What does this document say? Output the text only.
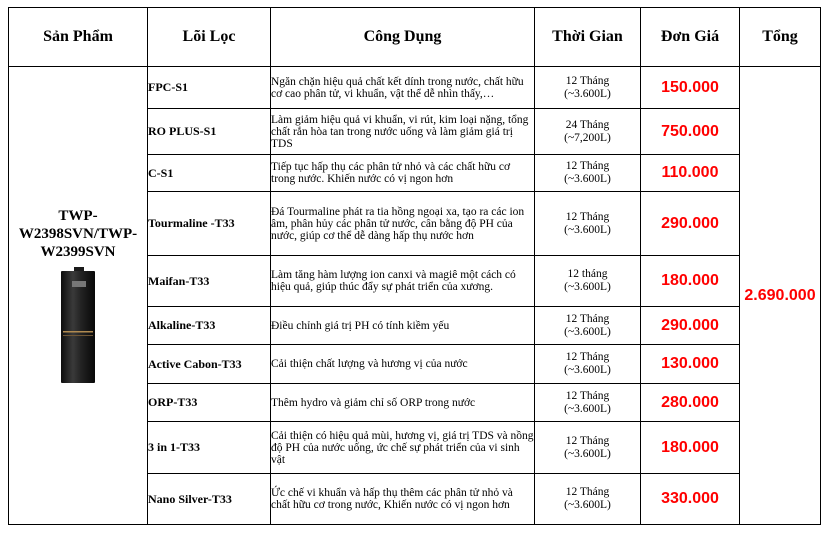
Sản Phẩm	Lõi Lọc	Công Dụng	Thời Gian	Đơn Giá	Tổng

TWP-
W2398SVN/TWP-
W2399SVN	FPC-S1	Ngăn chặn hiệu quả chất kết dính trong nước, chất hữu cơ cao phân tử, vi khuẩn, vật thể dễ nhìn thấy,…	12 Tháng
(~3.600L)	150.000	2.690.000
	RO PLUS-S1	Làm giảm hiệu quả vi khuẩn, vi rút, kim loại nặng, tổng chất rắn hòa tan trong nước uống và làm giảm giá trị TDS	24 Tháng
(~7,200L)	750.000	
	C-S1	Tiếp tục hấp thụ các phân tử nhỏ và các chất hữu cơ trong nước. Khiến nước có vị ngon hơn	12 Tháng
(~3.600L)	110.000	
	Tourmaline -T33	Đá Tourmaline phát ra tia hồng ngoại xa, tạo ra các ion âm, phân hủy các phân tử nước, cân bằng độ PH của nước, giúp cơ thể dễ dàng hấp thụ nước hơn	12 Tháng
(~3.600L)	290.000	
	Maifan-T33	Làm tăng hàm lượng ion canxi và magiê một cách có hiệu quả, giúp thúc đẩy sự phát triển của xương.	12 tháng
(~3.600L)	180.000	
	Alkaline-T33	Điều chỉnh giá trị PH có tính kiềm yếu	12 Tháng
(~3.600L)	290.000	
	Active Cabon-T33	Cải thiện chất lượng và hương vị của nước	12 Tháng
(~3.600L)	130.000	
	ORP-T33	Thêm hydro và giảm chỉ số ORP trong nước	12 Tháng
(~3.600L)	280.000	
	3 in 1-T33	Cải thiện có hiệu quả mùi, hương vị, giá trị TDS và nồng độ PH của nước uống, ức chế sự phát triển của vi sinh vật	12 Tháng
(~3.600L)	180.000	
	Nano Silver-T33	Ức chế vi khuẩn và hấp thụ thêm các phân tử nhỏ và chất hữu cơ trong nước, Khiến nước có vị ngon hơn	12 Tháng
(~3.600L)	330.000	
